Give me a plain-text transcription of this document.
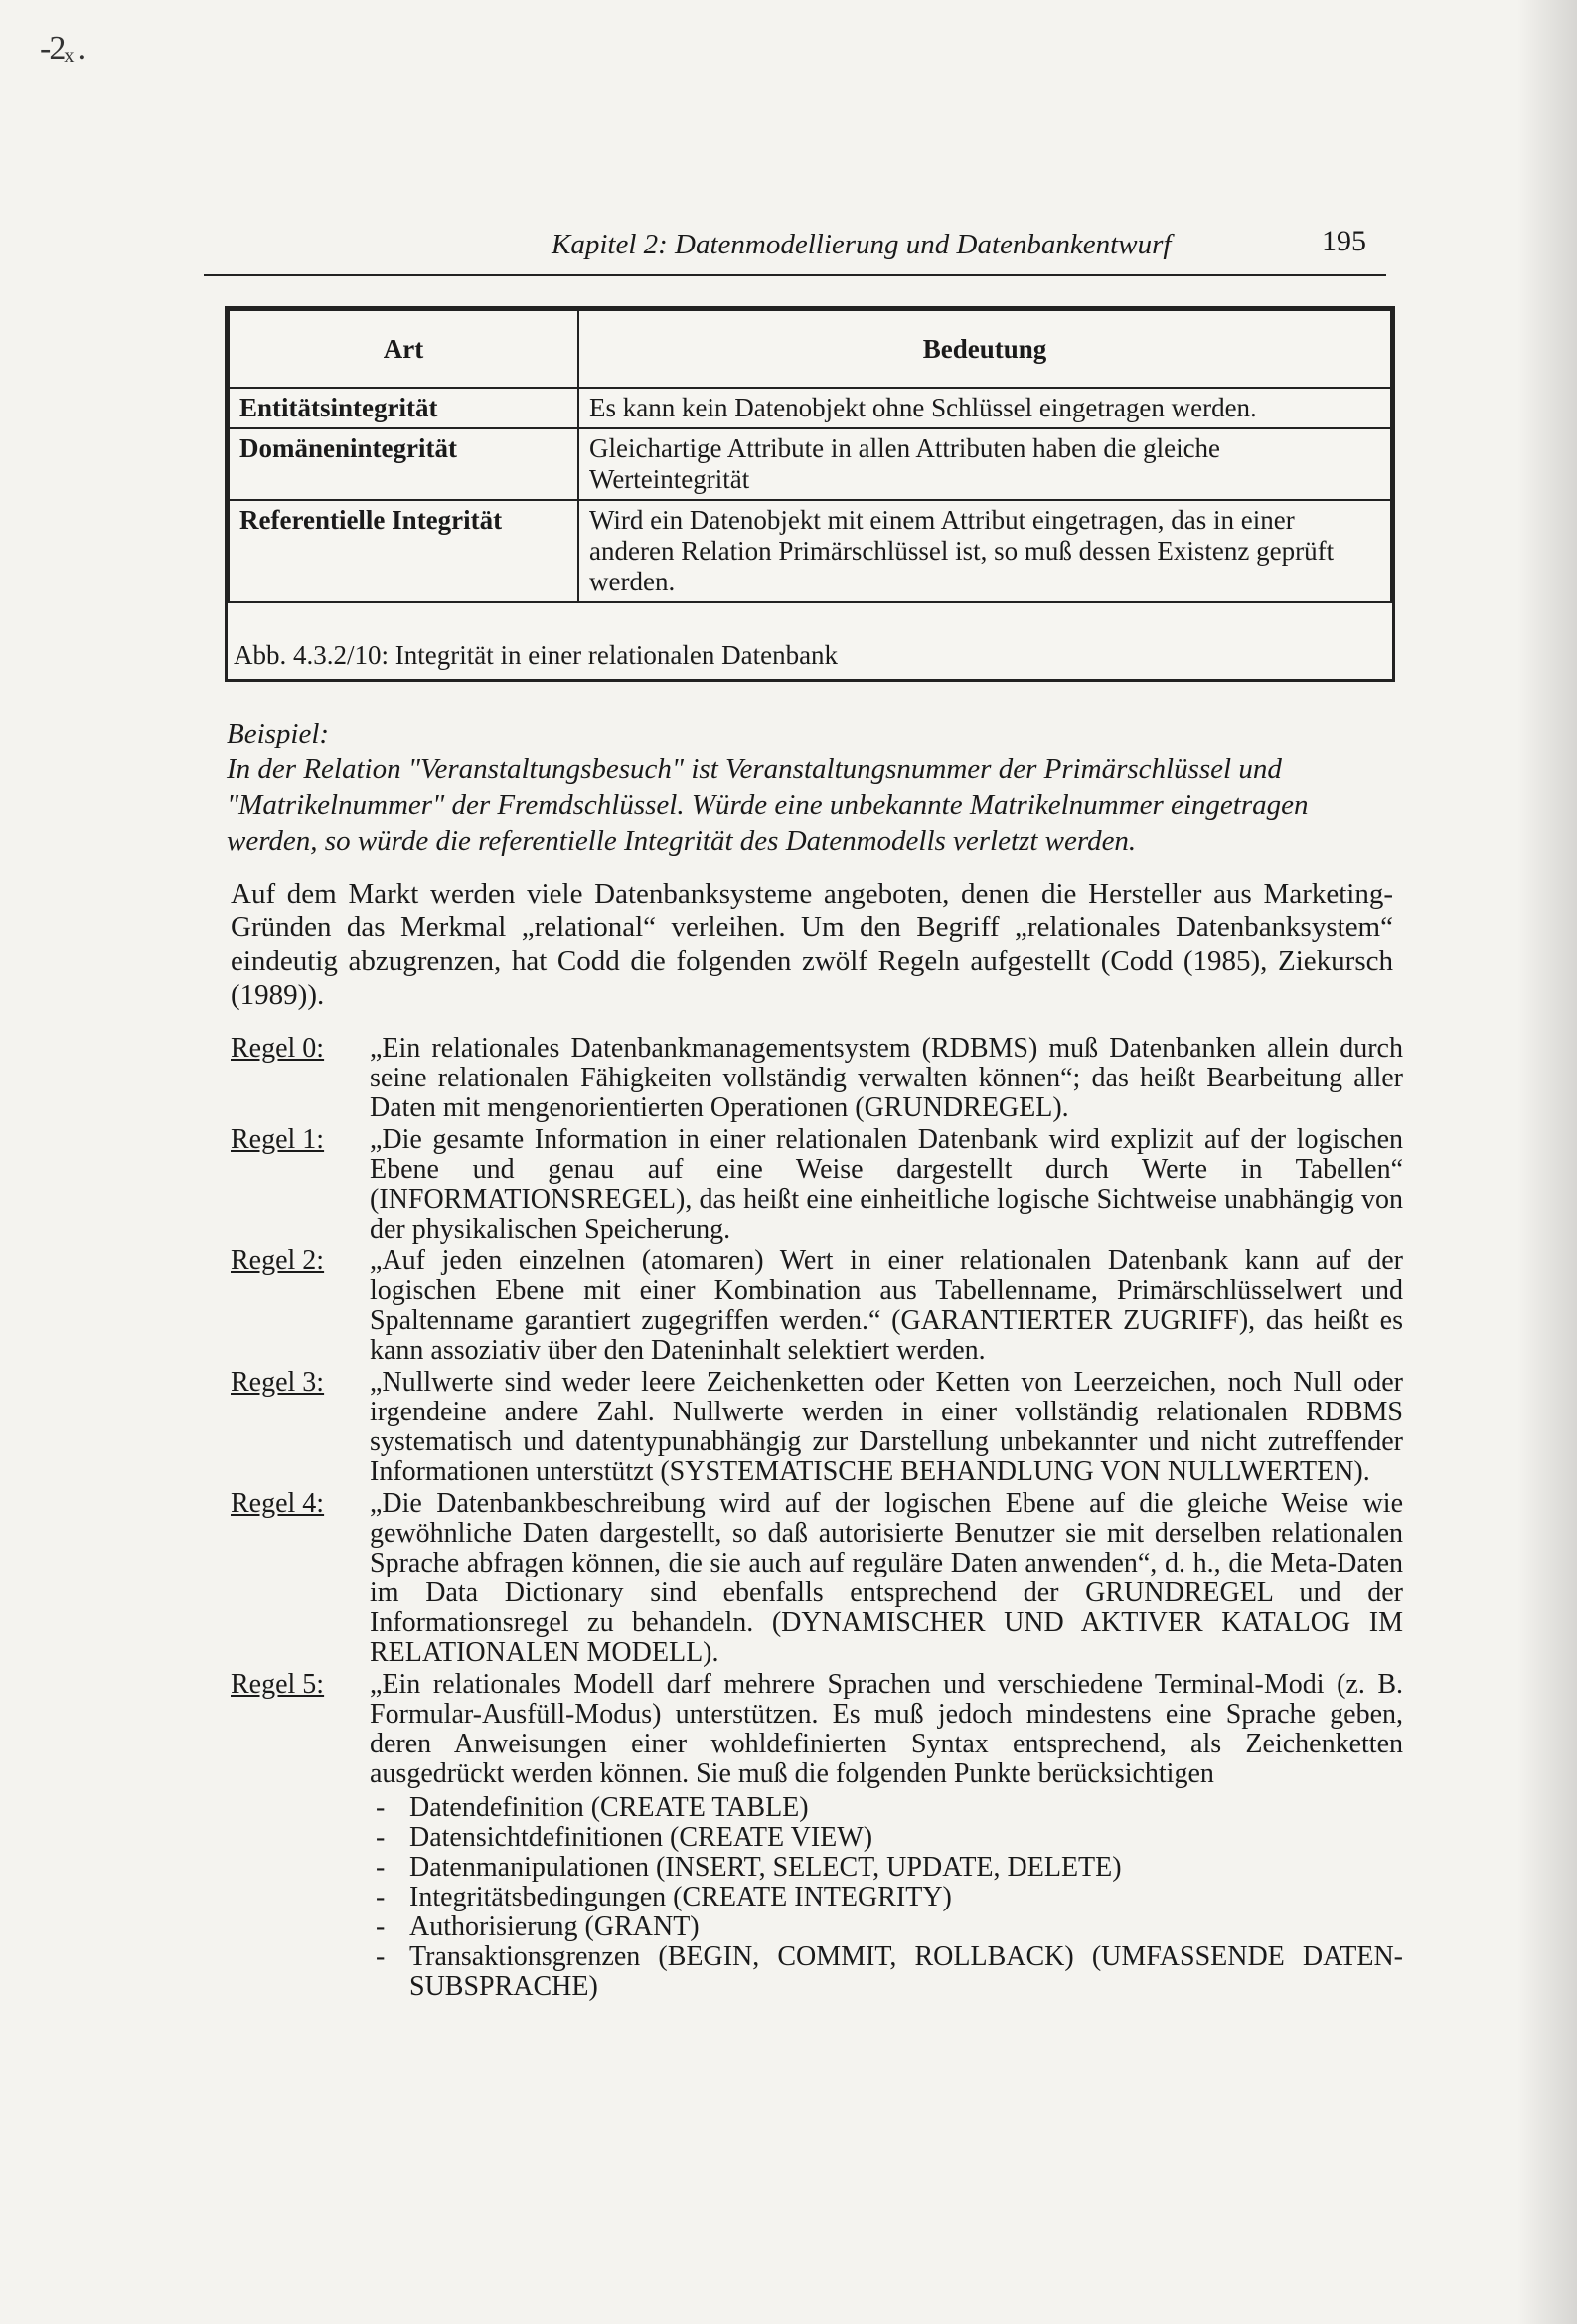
-2ₓ .
Kapitel 2: Datenmodellierung und Datenbankentwurf	195
Art	Bedeutung
Entitätsintegrität	Es kann kein Datenobjekt ohne Schlüssel eingetragen werden.
Domänenintegrität	Gleichartige Attribute in allen Attributen haben die gleiche Werteintegrität
Referentielle Integrität	Wird ein Datenobjekt mit einem Attribut eingetragen, das in einer anderen Relation Primärschlüssel ist, so muß dessen Existenz geprüft werden.
Abb. 4.3.2/10: Integrität in einer relationalen Datenbank
Beispiel:
In der Relation "Veranstaltungsbesuch" ist Veranstaltungsnummer der Primärschlüssel und "Matrikelnummer" der Fremdschlüssel. Würde eine unbekannte Matrikelnummer eingetragen werden, so würde die referentielle Integrität des Datenmodells verletzt werden.
Auf dem Markt werden viele Datenbanksysteme angeboten, denen die Hersteller aus Marketing-Gründen das Merkmal „relational“ verleihen. Um den Begriff „relationales Datenbanksystem“ eindeutig abzugrenzen, hat Codd die folgenden zwölf Regeln aufgestellt (Codd (1985), Ziekursch (1989)).
Regel 0:	„Ein relationales Datenbankmanagementsystem (RDBMS) muß Datenbanken allein durch seine relationalen Fähigkeiten vollständig verwalten können“; das heißt Bearbeitung aller Daten mit mengenorientierten Operationen (GRUNDREGEL).
Regel 1:	„Die gesamte Information in einer relationalen Datenbank wird explizit auf der logischen Ebene und genau auf eine Weise dargestellt durch Werte in Tabellen“ (INFORMATIONSREGEL), das heißt eine einheitliche logische Sichtweise unabhängig von der physikalischen Speicherung.
Regel 2:	„Auf jeden einzelnen (atomaren) Wert in einer relationalen Datenbank kann auf der logischen Ebene mit einer Kombination aus Tabellenname, Primärschlüsselwert und Spaltenname garantiert zugegriffen werden.“ (GARANTIERTER ZUGRIFF), das heißt es kann assoziativ über den Dateninhalt selektiert werden.
Regel 3:	„Nullwerte sind weder leere Zeichenketten oder Ketten von Leerzeichen, noch Null oder irgendeine andere Zahl. Nullwerte werden in einer vollständig relationalen RDBMS systematisch und datentypunabhängig zur Darstellung unbekannter und nicht zutreffender Informationen unterstützt (SYSTEMATISCHE BEHANDLUNG VON NULLWERTEN).
Regel 4:	„Die Datenbankbeschreibung wird auf der logischen Ebene auf die gleiche Weise wie gewöhnliche Daten dargestellt, so daß autorisierte Benutzer sie mit derselben relationalen Sprache abfragen können, die sie auch auf reguläre Daten anwenden“, d. h., die Meta-Daten im Data Dictionary sind ebenfalls entsprechend der GRUNDREGEL und der Informationsregel zu behandeln. (DYNAMISCHER UND AKTIVER KATALOG IM RELATIONALEN MODELL).
Regel 5:	„Ein relationales Modell darf mehrere Sprachen und verschiedene Terminal-Modi (z. B. Formular-Ausfüll-Modus) unterstützen. Es muß jedoch mindestens eine Sprache geben, deren Anweisungen einer wohldefinierten Syntax entsprechend, als Zeichenketten ausgedrückt werden können. Sie muß die folgenden Punkte berücksichtigen
- Datendefinition (CREATE TABLE)
- Datensichtdefinitionen (CREATE VIEW)
- Datenmanipulationen (INSERT, SELECT, UPDATE, DELETE)
- Integritätsbedingungen (CREATE INTEGRITY)
- Authorisierung (GRANT)
- Transaktionsgrenzen (BEGIN, COMMIT, ROLLBACK) (UMFASSENDE DATEN-SUBSPRACHE)
